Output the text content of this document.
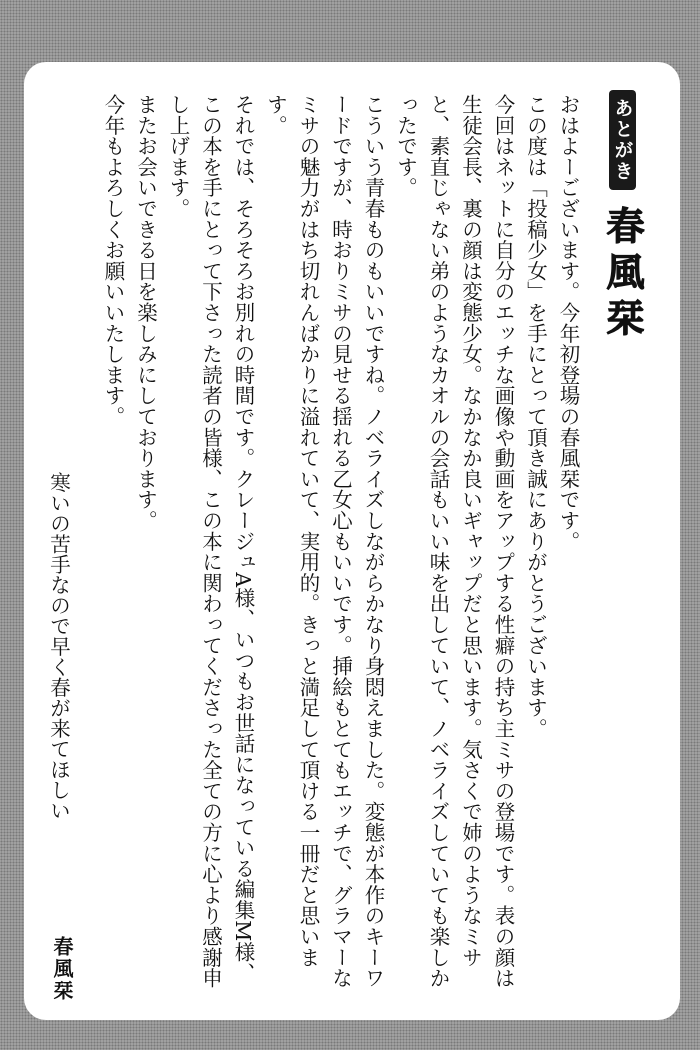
あとがき
春風栞

おはよーございます。今年初登場の春風栞です。

この度は「投稿少女」を手にとって頂き誠にありがとうございます。

今回はネットに自分のエッチな画像や動画をアップする性癖の持ち主ミサの登場です。表の顔は生徒会長、裏の顔は変態少女。なかなか良いギャップだと思います。気さくで姉のようなミサと、素直じゃない弟のようなカオルの会話もいい味を出していて、ノベライズしていても楽しかったです。

こういう青春ものもいいですね。ノベライズしながらかなり身悶えました。変態が本作のキーワードですが、時おりミサの見せる揺れる乙女心もいいです。挿絵もとてもエッチで、グラマーなミサの魅力がはち切れんばかりに溢れていて、実用的。きっと満足して頂ける一冊だと思います。

それでは、そろそろお別れの時間です。クレージュA様、いつもお世話になっている編集M様、この本を手にとって下さった読者の皆様、この本に関わってくださった全ての方に心より感謝申し上げます。

またお会いできる日を楽しみにしております。

今年もよろしくお願いいたします。

寒いの苦手なので早く春が来てほしい
春風栞
